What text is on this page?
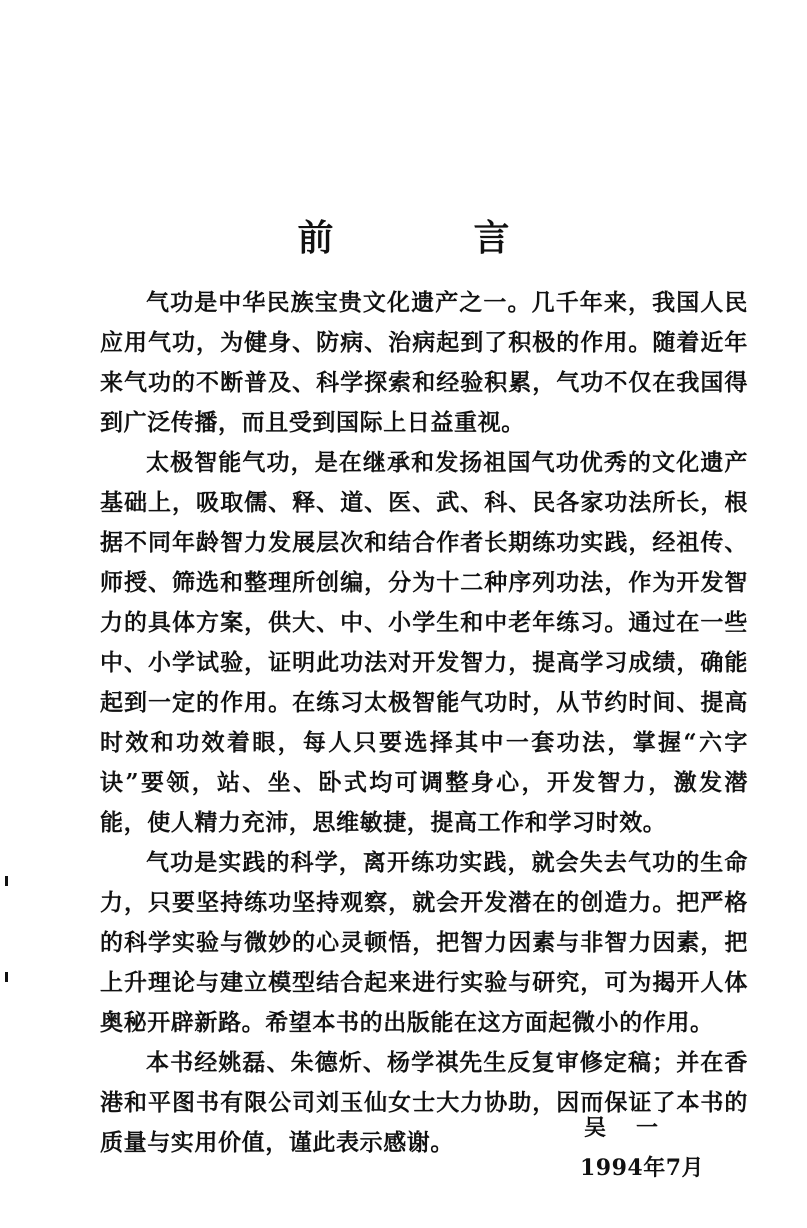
前　言

气功是中华民族宝贵文化遗产之一。几千年来，我国人民应用气功，为健身、防病、治病起到了积极的作用。随着近年来气功的不断普及、科学探索和经验积累，气功不仅在我国得到广泛传播，而且受到国际上日益重视。

太极智能气功，是在继承和发扬祖国气功优秀的文化遗产基础上，吸取儒、释、道、医、武、科、民各家功法所长，根据不同年龄智力发展层次和结合作者长期练功实践，经祖传、师授、筛选和整理所创编，分为十二种序列功法，作为开发智力的具体方案，供大、中、小学生和中老年练习。通过在一些中、小学试验，证明此功法对开发智力，提高学习成绩，确能起到一定的作用。在练习太极智能气功时，从节约时间、提高时效和功效着眼，每人只要选择其中一套功法，掌握“六字诀”要领，站、坐、卧式均可调整身心，开发智力，激发潜能，使人精力充沛，思维敏捷，提高工作和学习时效。

气功是实践的科学，离开练功实践，就会失去气功的生命力，只要坚持练功坚持观察，就会开发潜在的创造力。把严格的科学实验与微妙的心灵顿悟，把智力因素与非智力因素，把上升理论与建立模型结合起来进行实验与研究，可为揭开人体奥秘开辟新路。希望本书的出版能在这方面起微小的作用。

本书经姚磊、朱德炘、杨学祺先生反复审修定稿；并在香港和平图书有限公司刘玉仙女士大力协助，因而保证了本书的质量与实用价值，谨此表示感谢。

吴一
1994年7月
